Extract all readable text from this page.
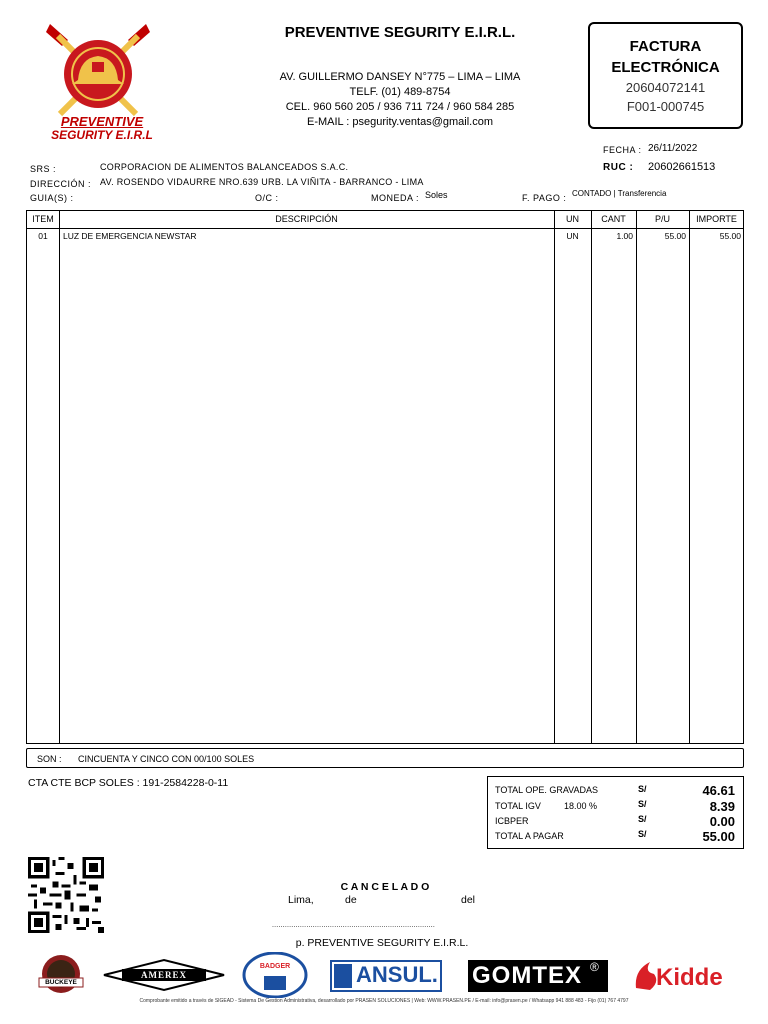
PREVENTIVE
SEGURITY E.I.R.L
PREVENTIVE SEGURITY E.I.R.L.
AV. GUILLERMO DANSEY N°775 – LIMA – LIMA
TELF. (01) 489-8754
CEL. 960 560 205 / 936 711 724 / 960 584 285
E-MAIL : psegurity.ventas@gmail.com
FACTURA
ELECTRÓNICA
20604072141
F001-000745
FECHA : 26/11/2022
RUC : 20602661513
SRS :	CORPORACION DE ALIMENTOS BALANCEADOS S.A.C.
DIRECCIÓN : AV. ROSENDO VIDAURRE NRO.639 URB. LA VIÑITA - BARRANCO - LIMA
GUIA(S) :	O/C :	MONEDA : Soles	F. PAGO : CONTADO | Transferencia
ITEM	DESCRIPCIÓN	UN	CANT	P/U	IMPORTE
01	LUZ DE EMERGENCIA NEWSTAR	UN	1.00	55.00	55.00
SON : CINCUENTA Y CINCO CON 00/100 SOLES
CTA CTE BCP SOLES : 191-2584228-0-11
TOTAL OPE. GRAVADAS	S/	46.61
TOTAL IGV	18.00 %	S/	8.39
ICBPER	S/	0.00
TOTAL A PAGAR	S/	55.00
C A N C E L A D O
Lima,	de	del
............................................................................
p. PREVENTIVE SEGURITY E.I.R.L.
BUCKEYE
AMEREX
BADGER	ANSUL. GOMTEX ® Kidde
Comprobante emitido a través de SIGEAD - Sistema De Gestion Administrativa, desarrollado por PRASEN SOLUCIONES | Web: WWW.PRASEN.PE / E-mail: info@prasen.pe / Whatsapp 941 888 483 - Fijo (01) 767 4797
